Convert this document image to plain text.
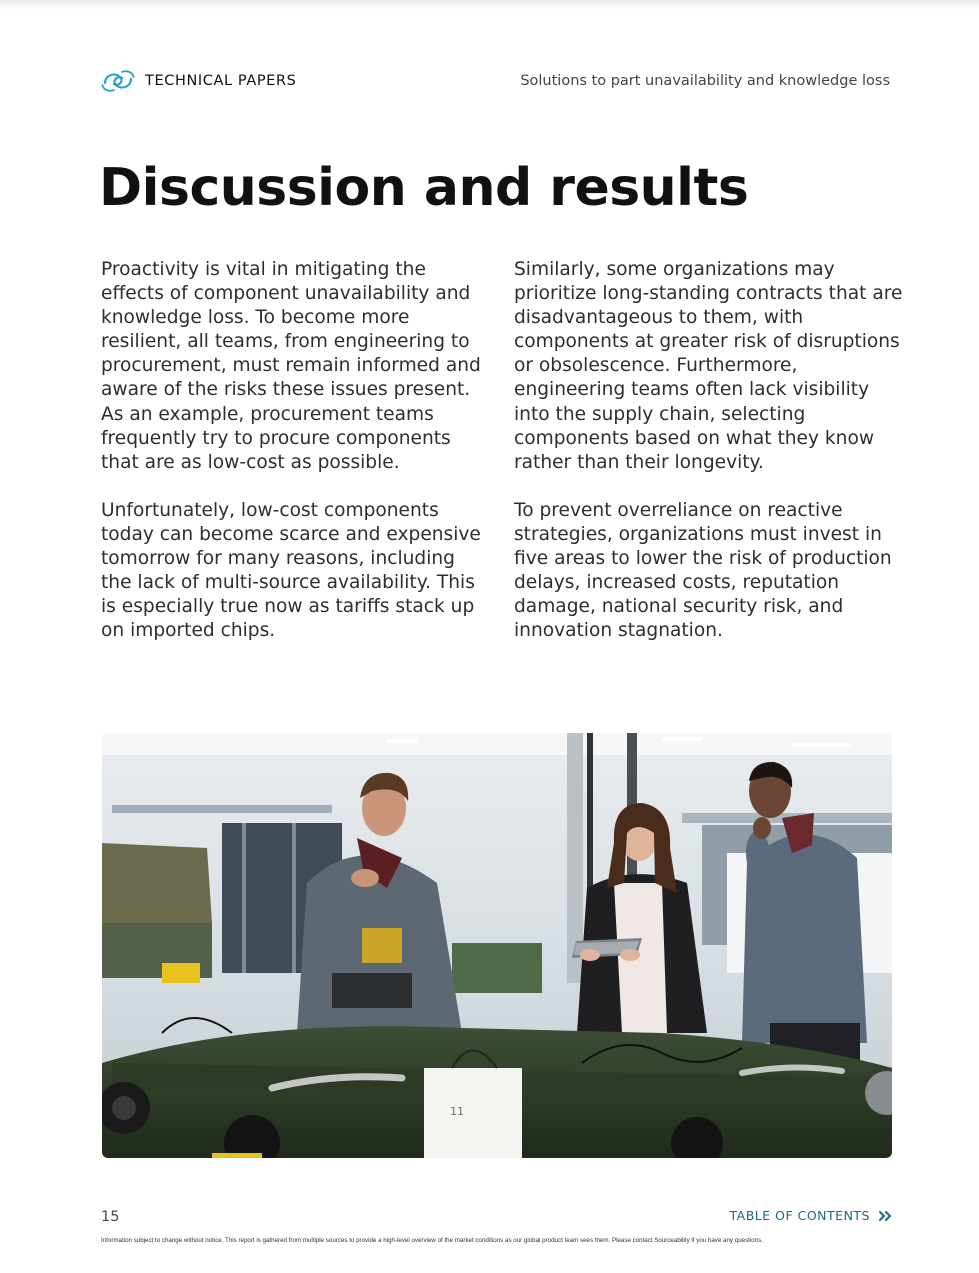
TECHNICAL PAPERS	Solutions to part unavailability and knowledge loss
Discussion and results

Proactivity is vital in mitigating the effects of component unavailability and knowledge loss. To become more resilient, all teams, from engineering to procurement, must remain informed and aware of the risks these issues present. As an example, procurement teams frequently try to procure components that are as low-cost as possible.

Unfortunately, low-cost components today can become scarce and expensive tomorrow for many reasons, including the lack of multi-source availability. This is especially true now as tariffs stack up on imported chips.

Similarly, some organizations may prioritize long-standing contracts that are disadvantageous to them, with components at greater risk of disruptions or obsolescence. Furthermore, engineering teams often lack visibility into the supply chain, selecting components based on what they know rather than their longevity.

To prevent overreliance on reactive strategies, organizations must invest in five areas to lower the risk of production delays, increased costs, reputation damage, national security risk, and innovation stagnation.

11
15	TABLE OF CONTENTS
Information subject to change without notice. This report is gathered from multiple sources to provide a high-level overview of the market conditions as our global product team sees them. Please contact Sourceability if you have any questions.
